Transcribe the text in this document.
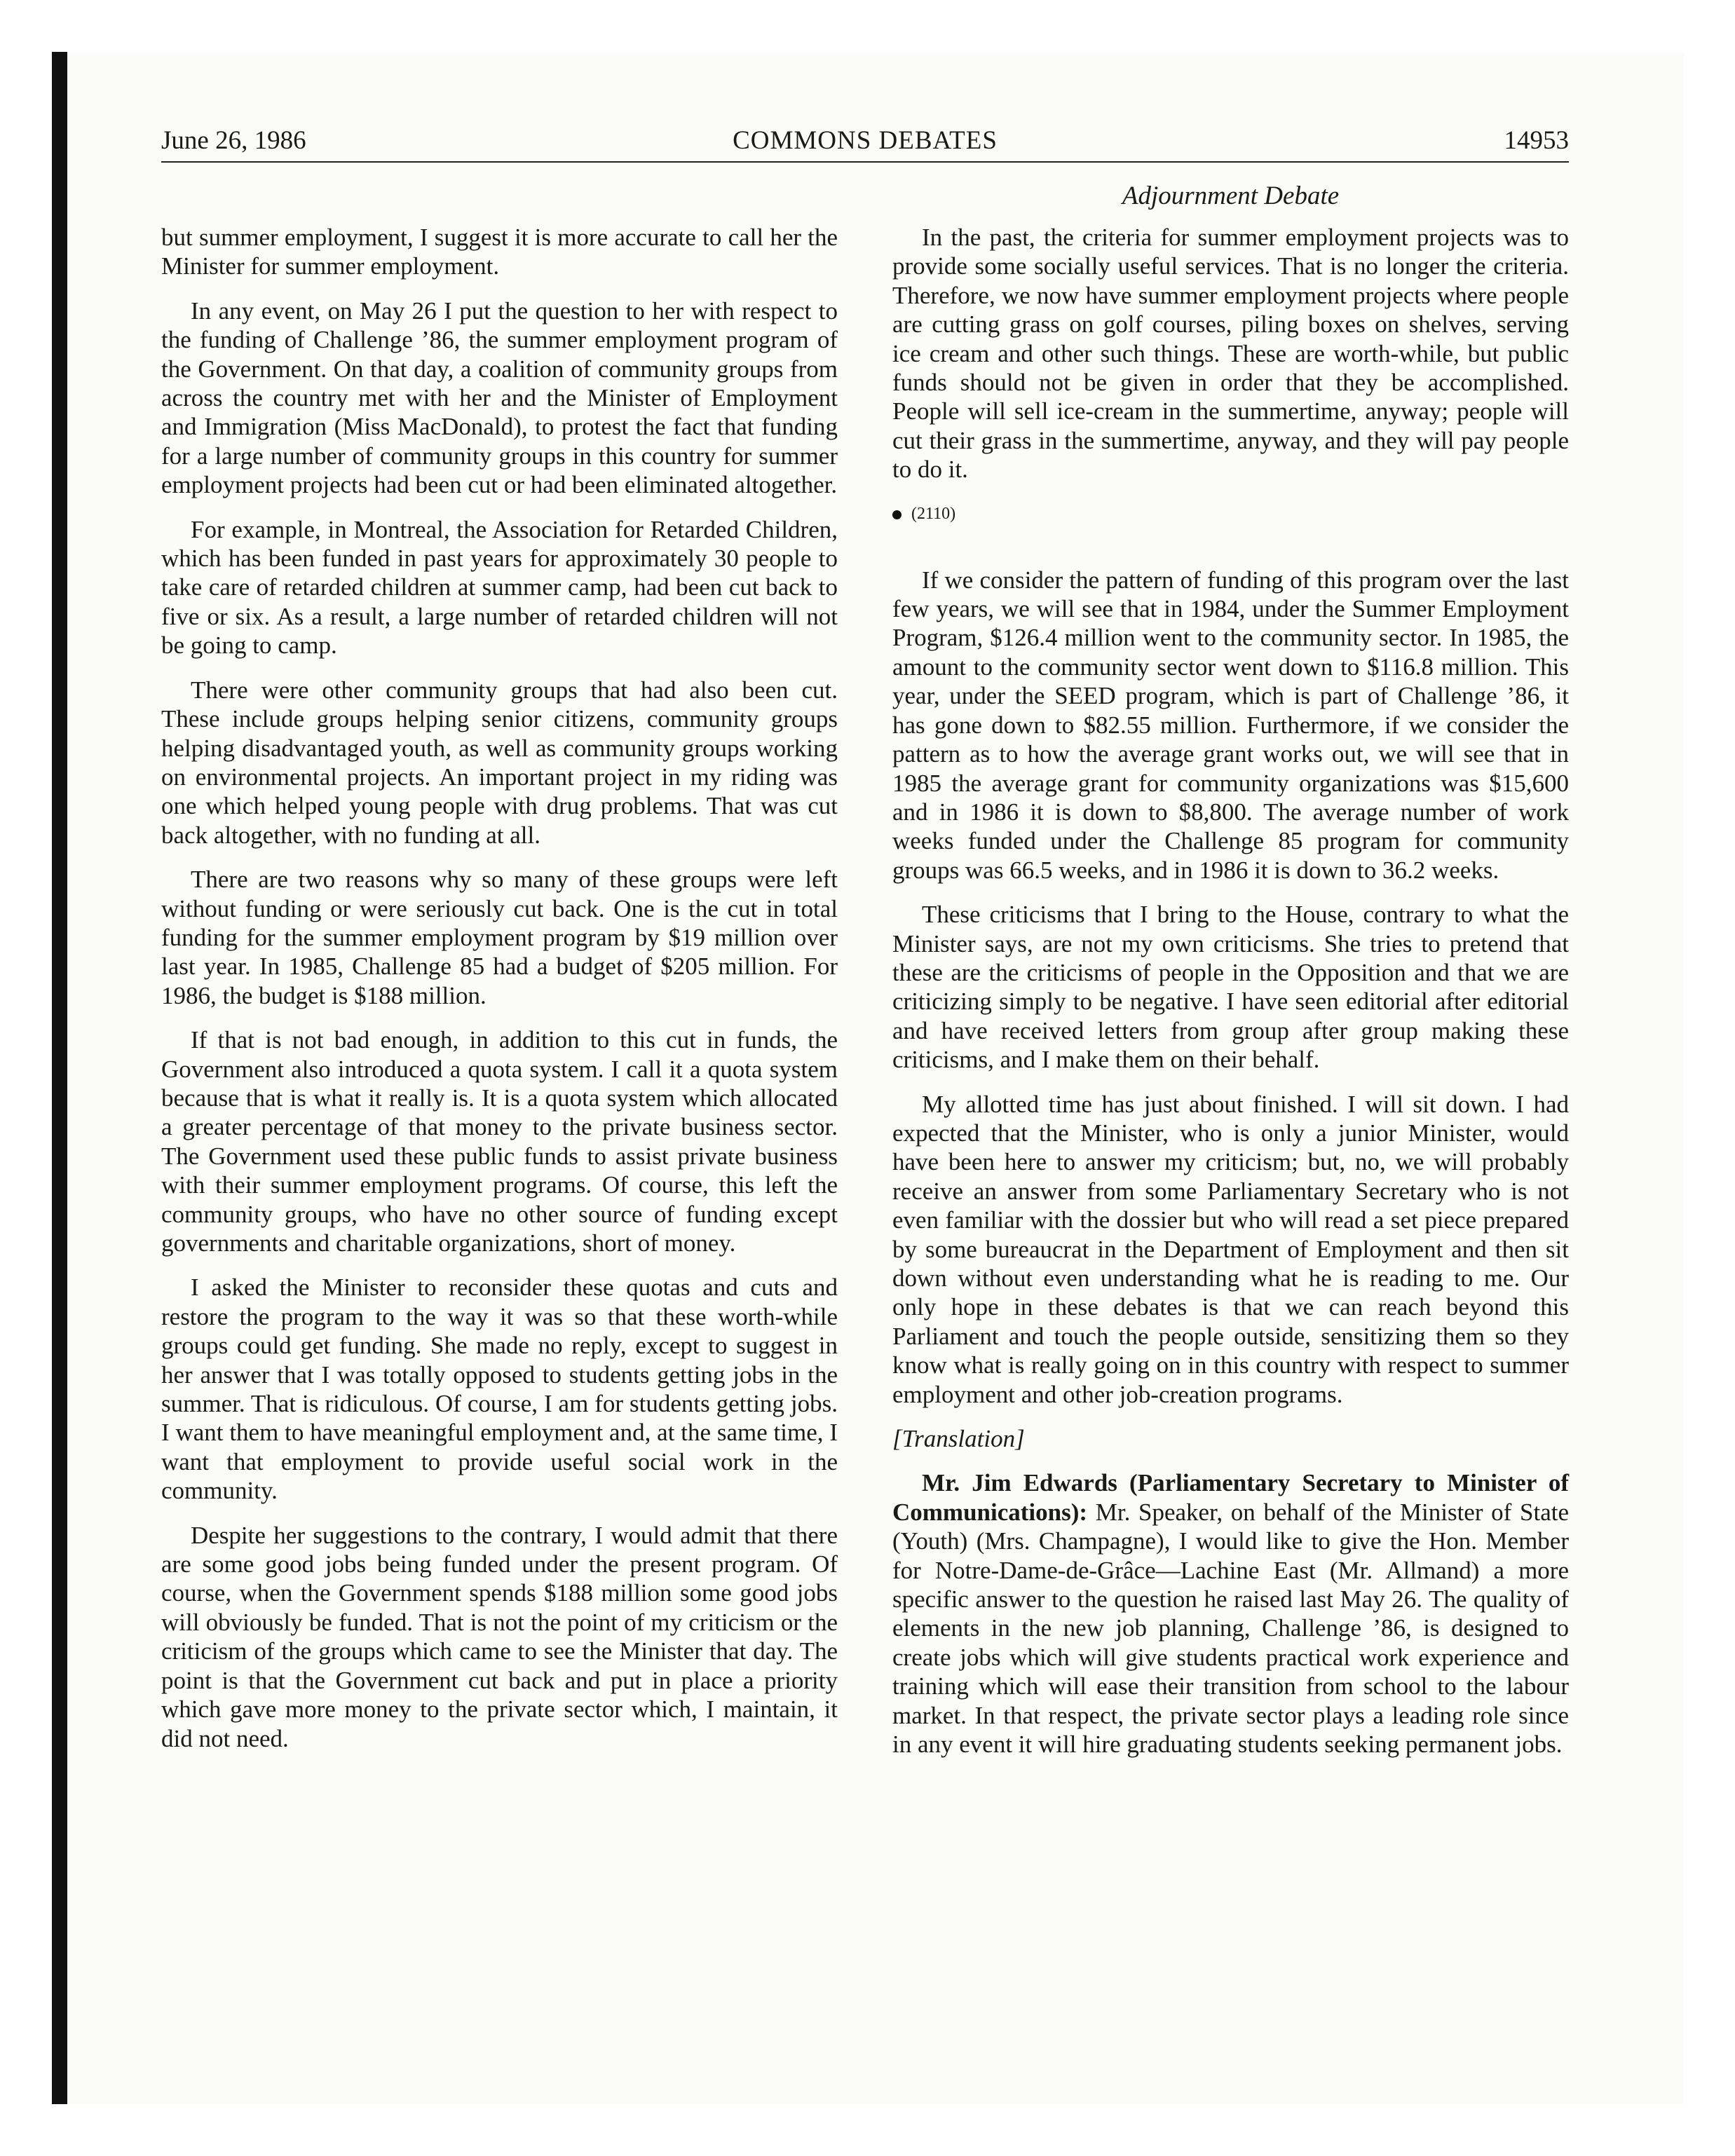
June 26, 1986	COMMONS DEBATES	14953
Adjournment Debate

but summer employment, I suggest it is more accurate to call her the Minister for summer employment.

In any event, on May 26 I put the question to her with respect to the funding of Challenge ’86, the summer employment program of the Government. On that day, a coalition of community groups from across the country met with her and the Minister of Employment and Immigration (Miss MacDonald), to protest the fact that funding for a large number of community groups in this country for summer employment projects had been cut or had been eliminated altogether.

For example, in Montreal, the Association for Retarded Children, which has been funded in past years for approximately 30 people to take care of retarded children at summer camp, had been cut back to five or six. As a result, a large number of retarded children will not be going to camp.

There were other community groups that had also been cut. These include groups helping senior citizens, community groups helping disadvantaged youth, as well as community groups working on environmental projects. An important project in my riding was one which helped young people with drug problems. That was cut back altogether, with no funding at all.

There are two reasons why so many of these groups were left without funding or were seriously cut back. One is the cut in total funding for the summer employment program by $19 million over last year. In 1985, Challenge 85 had a budget of $205 million. For 1986, the budget is $188 million.

If that is not bad enough, in addition to this cut in funds, the Government also introduced a quota system. I call it a quota system because that is what it really is. It is a quota system which allocated a greater percentage of that money to the private business sector. The Government used these public funds to assist private business with their summer employment programs. Of course, this left the community groups, who have no other source of funding except governments and charitable organizations, short of money.

I asked the Minister to reconsider these quotas and cuts and restore the program to the way it was so that these worth-while groups could get funding. She made no reply, except to suggest in her answer that I was totally opposed to students getting jobs in the summer. That is ridiculous. Of course, I am for students getting jobs. I want them to have meaningful employment and, at the same time, I want that employment to provide useful social work in the community.

Despite her suggestions to the contrary, I would admit that there are some good jobs being funded under the present program. Of course, when the Government spends $188 million some good jobs will obviously be funded. That is not the point of my criticism or the criticism of the groups which came to see the Minister that day. The point is that the Government cut back and put in place a priority which gave more money to the private sector which, I maintain, it did not need.

In the past, the criteria for summer employment projects was to provide some socially useful services. That is no longer the criteria. Therefore, we now have summer employment projects where people are cutting grass on golf courses, piling boxes on shelves, serving ice cream and other such things. These are worth-while, but public funds should not be given in order that they be accomplished. People will sell ice-cream in the summertime, anyway; people will cut their grass in the summertime, anyway, and they will pay people to do it.

(2110)

If we consider the pattern of funding of this program over the last few years, we will see that in 1984, under the Summer Employment Program, $126.4 million went to the community sector. In 1985, the amount to the community sector went down to $116.8 million. This year, under the SEED program, which is part of Challenge ’86, it has gone down to $82.55 million. Furthermore, if we consider the pattern as to how the average grant works out, we will see that in 1985 the average grant for community organizations was $15,600 and in 1986 it is down to $8,800. The average number of work weeks funded under the Challenge 85 program for community groups was 66.5 weeks, and in 1986 it is down to 36.2 weeks.

These criticisms that I bring to the House, contrary to what the Minister says, are not my own criticisms. She tries to pretend that these are the criticisms of people in the Opposition and that we are criticizing simply to be negative. I have seen editorial after editorial and have received letters from group after group making these criticisms, and I make them on their behalf.

My allotted time has just about finished. I will sit down. I had expected that the Minister, who is only a junior Minister, would have been here to answer my criticism; but, no, we will probably receive an answer from some Parliamentary Secretary who is not even familiar with the dossier but who will read a set piece prepared by some bureaucrat in the Department of Employment and then sit down without even understanding what he is reading to me. Our only hope in these debates is that we can reach beyond this Parliament and touch the people outside, sensitizing them so they know what is really going on in this country with respect to summer employment and other job-creation programs.

[Translation]

Mr. Jim Edwards (Parliamentary Secretary to Minister of Communications): Mr. Speaker, on behalf of the Minister of State (Youth) (Mrs. Champagne), I would like to give the Hon. Member for Notre-Dame-de-Grâce—Lachine East (Mr. Allmand) a more specific answer to the question he raised last May 26. The quality of elements in the new job planning, Challenge ’86, is designed to create jobs which will give students practical work experience and training which will ease their transition from school to the labour market. In that respect, the private sector plays a leading role since in any event it will hire graduating students seeking permanent jobs.
